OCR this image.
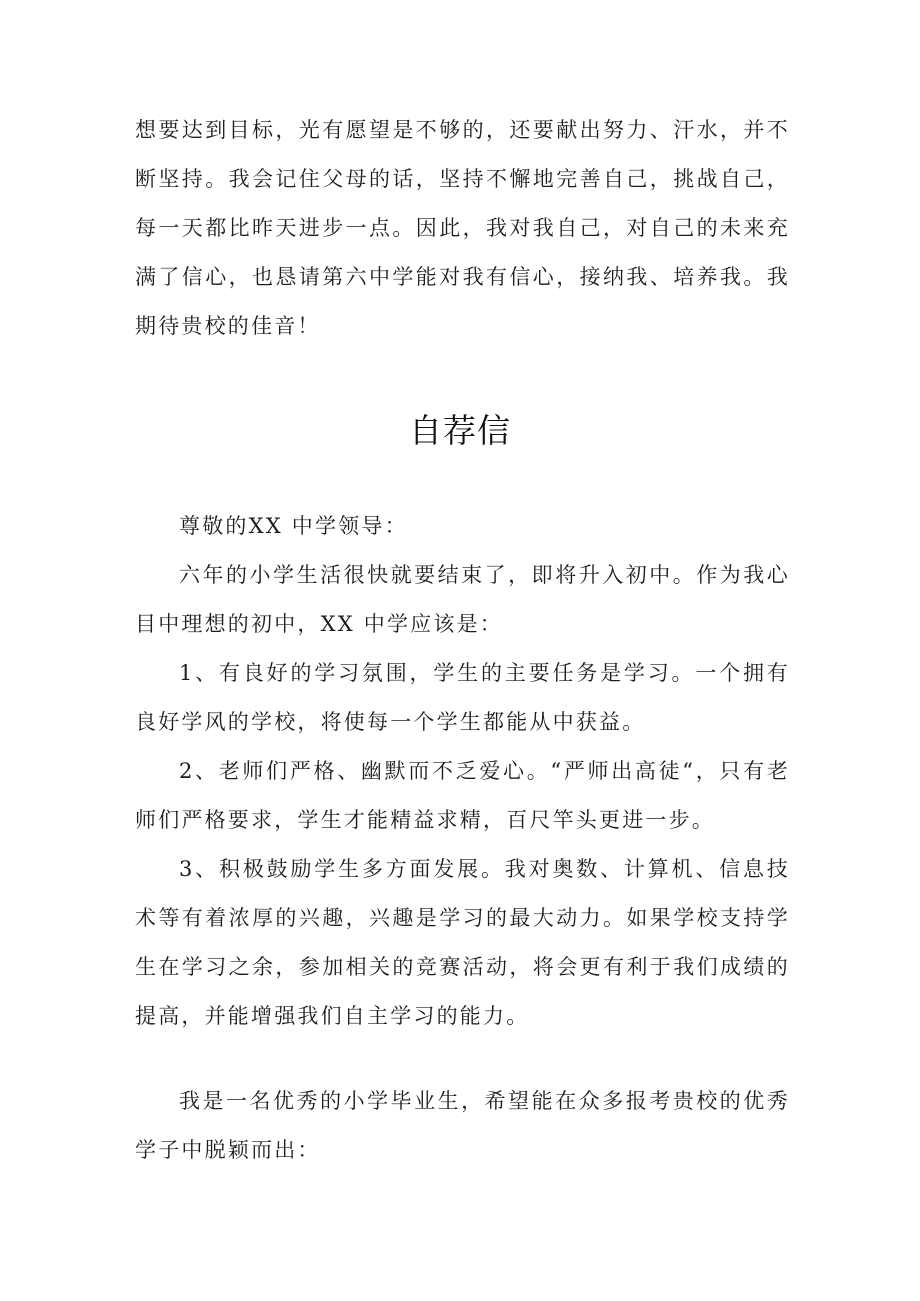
想要达到目标，光有愿望是不够的，还要献出努力、汗水，并不断坚持。我会记住父母的话，坚持不懈地完善自己，挑战自己，每一天都比昨天进步一点。因此，我对我自己，对自己的未来充满了信心，也恳请第六中学能对我有信心，接纳我、培养我。我期待贵校的佳音！

自荐信

尊敬的XX 中学领导：

六年的小学生活很快就要结束了，即将升入初中。作为我心目中理想的初中，XX 中学应该是：

1、有良好的学习氛围，学生的主要任务是学习。一个拥有良好学风的学校，将使每一个学生都能从中获益。

2、老师们严格、幽默而不乏爱心。“严师出高徒“，只有老师们严格要求，学生才能精益求精，百尺竿头更进一步。

3、积极鼓励学生多方面发展。我对奥数、计算机、信息技术等有着浓厚的兴趣，兴趣是学习的最大动力。如果学校支持学生在学习之余，参加相关的竞赛活动，将会更有利于我们成绩的提高，并能增强我们自主学习的能力。

我是一名优秀的小学毕业生，希望能在众多报考贵校的优秀学子中脱颖而出：
